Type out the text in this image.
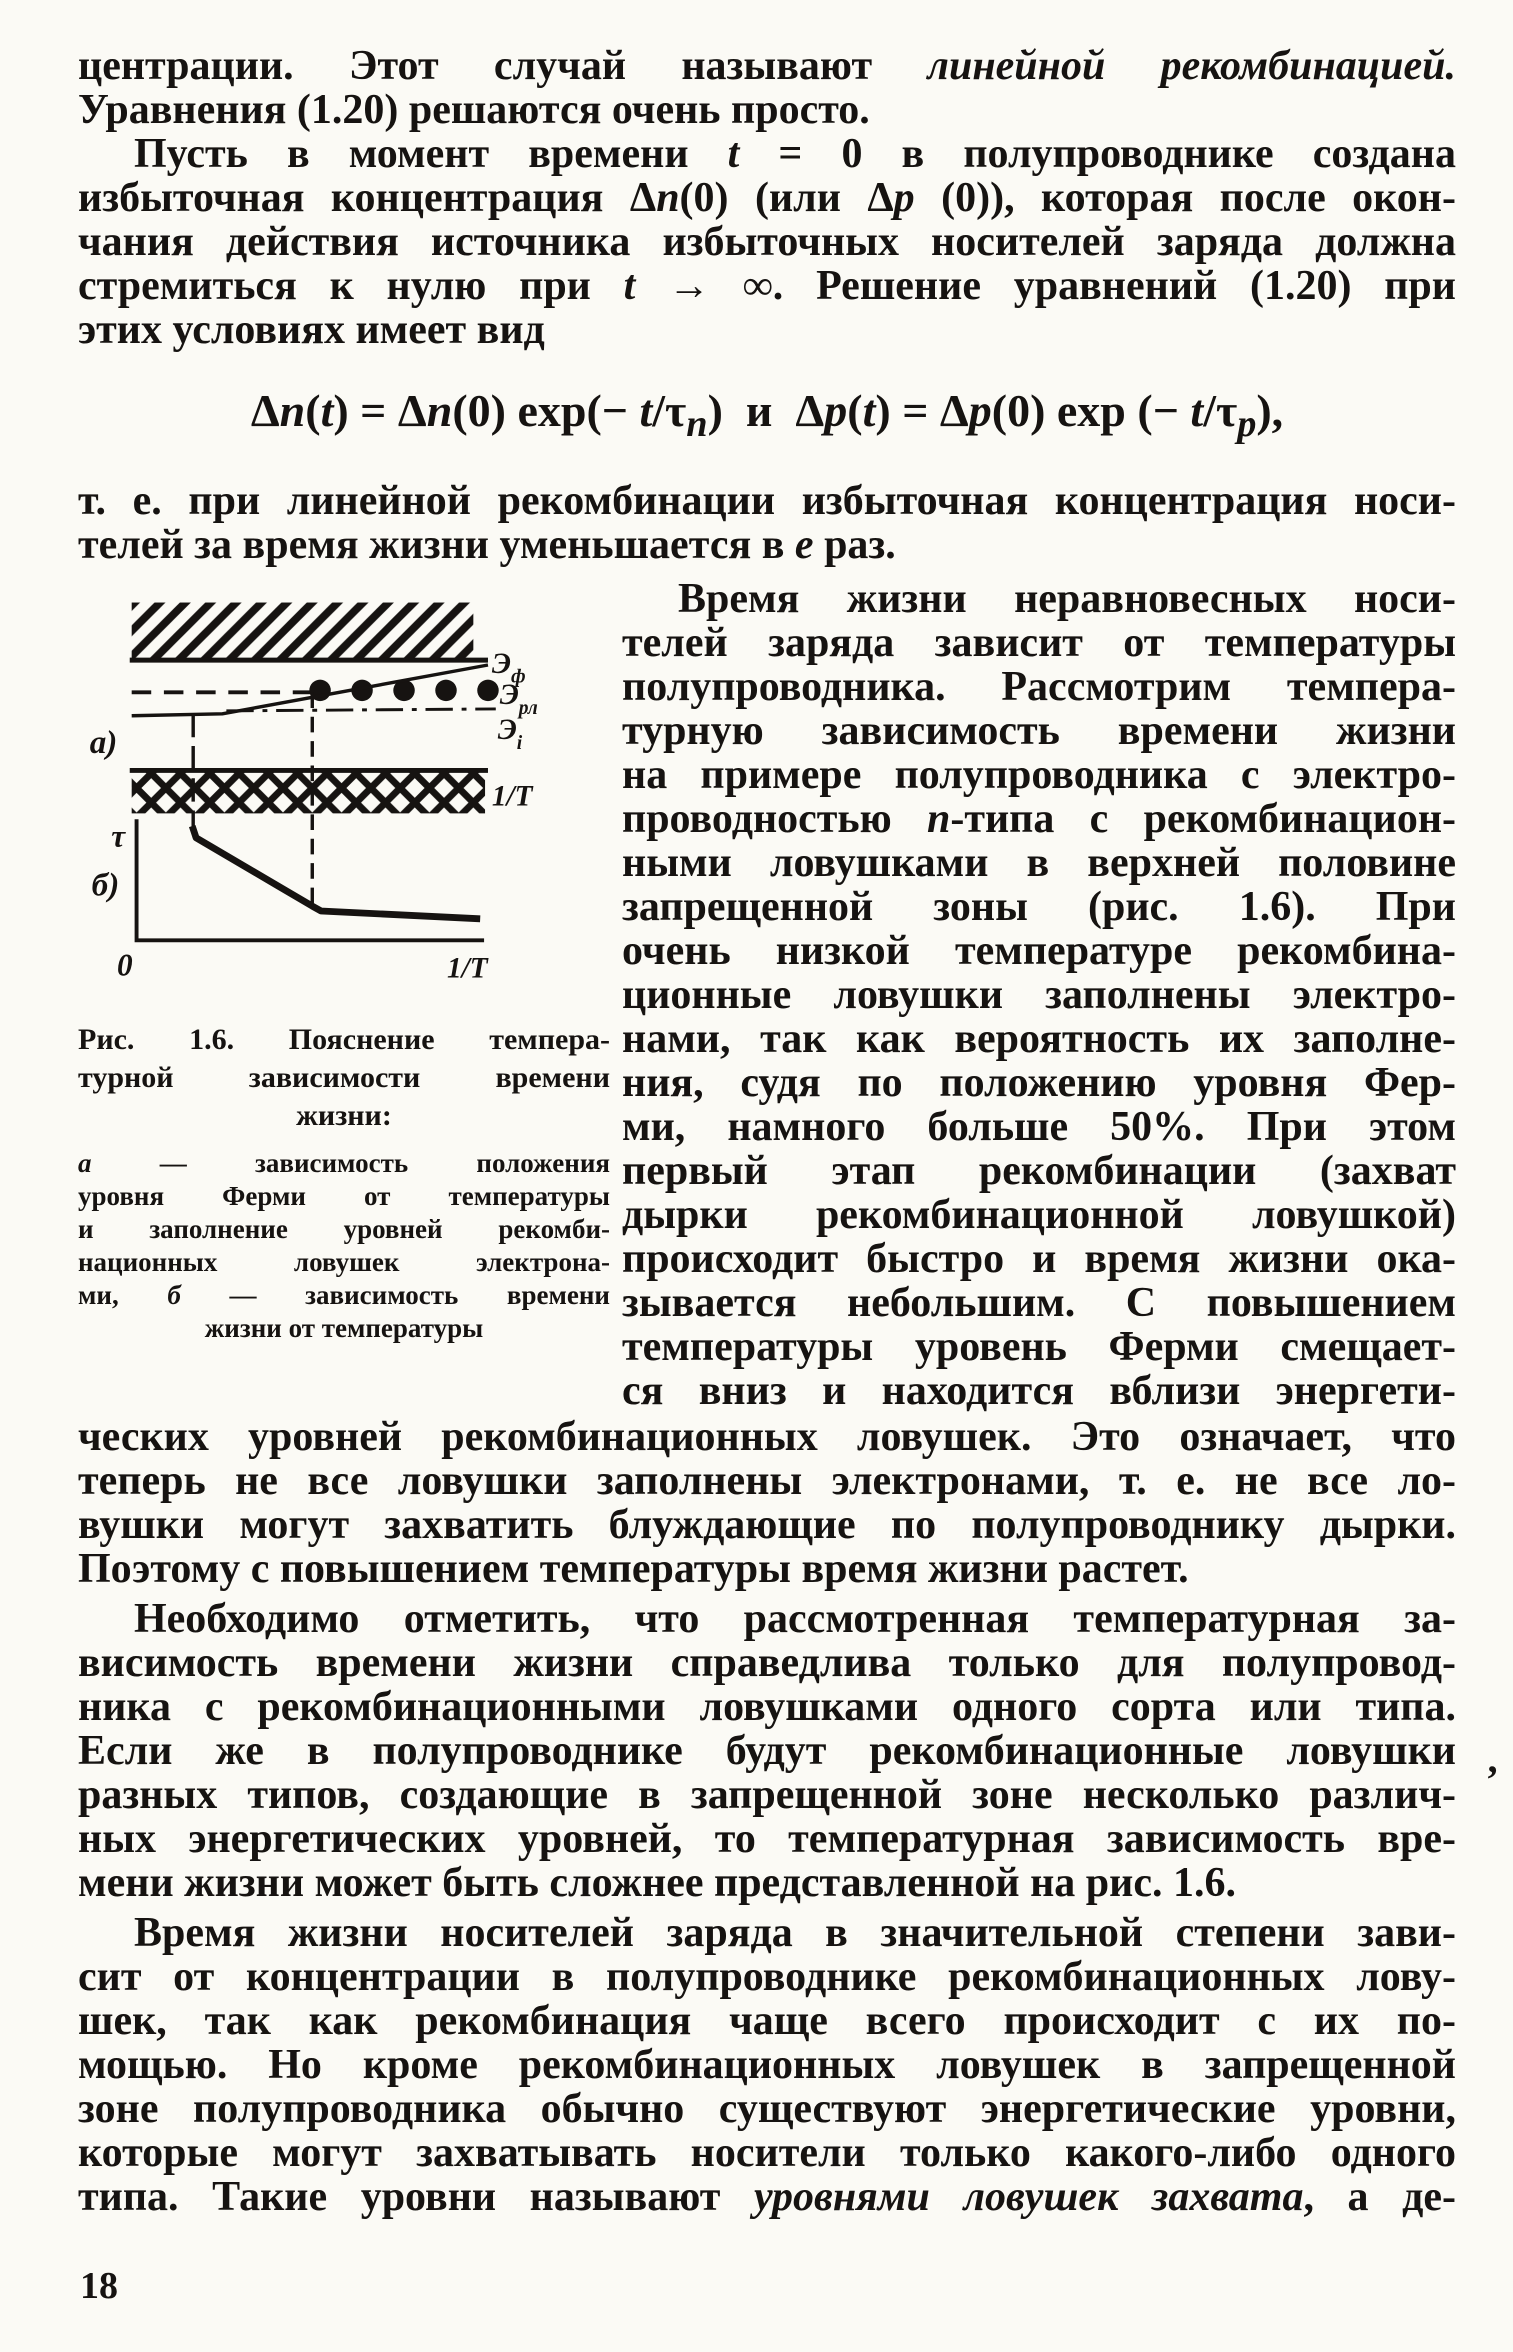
центрации. Этот случай называют линейной рекомбинацией.
Уравнения (1.20) решаются очень просто.
Пусть в момент времени t = 0 в полупроводнике создана
избыточная концентрация Δn(0) (или Δp (0)), которая после окон-
чания действия источника избыточных носителей заряда должна
стремиться к нулю при t → ∞. Решение уравнений (1.20) при
этих условиях имеет вид
Δn(t) = Δn(0) $\exp(- t/\tau_n)$  и  Δp(t) = Δp(0) exp (− $t/\tau_p$),
т. е. при линейной рекомбинации избыточная концентрация носи-
телей за время жизни уменьшается в e раз.
$Э_ф$
$Э_{рл}$
$Э_i$
а)
1/Т
τ
б)
0	1/Т
Рис. 1.6. Пояснение темпера-
турной зависимости времени
жизни:
а — зависимость положения
уровня Ферми от температуры
и заполнение уровней рекомби-
национных ловушек электрона-
ми, б — зависимость времени
жизни от температуры
Время жизни неравновесных носи-
телей заряда зависит от температуры
полупроводника. Рассмотрим темпера-
турную зависимость времени жизни
на примере полупроводника с электро-
проводностью n-типа с рекомбинацион-
ными ловушками в верхней половине
запрещенной зоны (рис. 1.6). При
очень низкой температуре рекомбина-
ционные ловушки заполнены электро-
нами, так как вероятность их заполне-
ния, судя по положению уровня Фер-
ми, намного больше 50%. При этом
первый этап рекомбинации (захват
дырки рекомбинационной ловушкой)
происходит быстро и время жизни ока-
зывается небольшим. С повышением
температуры уровень Ферми смещает-
ся вниз и находится вблизи энергети-
ческих уровней рекомбинационных ловушек. Это означает, что
теперь не все ловушки заполнены электронами, т. е. не все ло-
вушки могут захватить блуждающие по полупроводнику дырки.
Поэтому с повышением температуры время жизни растет.
Необходимо отметить, что рассмотренная температурная за-
висимость времени жизни справедлива только для полупровод-
ника с рекомбинационными ловушками одного сорта или типа.
Если же в полупроводнике будут рекомбинационные ловушки
разных типов, создающие в запрещенной зоне несколько различ-
ных энергетических уровней, то температурная зависимость вре-
мени жизни может быть сложнее представленной на рис. 1.6.
Время жизни носителей заряда в значительной степени зави-
сит от концентрации в полупроводнике рекомбинационных лову-
шек, так как рекомбинация чаще всего происходит с их по-
мощью. Но кроме рекомбинационных ловушек в запрещенной
зоне полупроводника обычно существуют энергетические уровни,
которые могут захватывать носители только какого-либо одного
типа. Такие уровни называют уровнями ловушек захвата, а де-
18
’
